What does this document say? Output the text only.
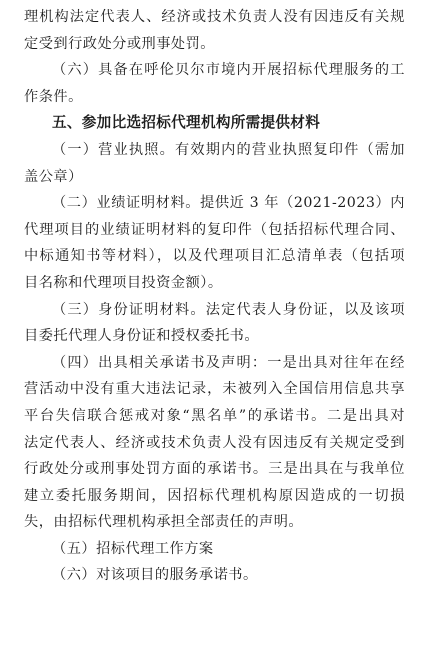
理机构法定代表人、经济或技术负责人没有因违反有关规
定受到行政处分或刑事处罚。
（六）具备在呼伦贝尔市境内开展招标代理服务的工
作条件。
五、参加比选招标代理机构所需提供材料
（一）营业执照。有效期内的营业执照复印件（需加
盖公章）
（二）业绩证明材料。提供近 3 年（2021-2023）内
代理项目的业绩证明材料的复印件（包括招标代理合同、
中标通知书等材料），以及代理项目汇总清单表（包括项
目名称和代理项目投资金额）。
（三）身份证明材料。法定代表人身份证，以及该项
目委托代理人身份证和授权委托书。
（四）出具相关承诺书及声明：一是出具对往年在经
营活动中没有重大违法记录，未被列入全国信用信息共享
平台失信联合惩戒对象“黑名单”的承诺书。二是出具对
法定代表人、经济或技术负责人没有因违反有关规定受到
行政处分或刑事处罚方面的承诺书。三是出具在与我单位
建立委托服务期间，因招标代理机构原因造成的一切损
失，由招标代理机构承担全部责任的声明。
（五）招标代理工作方案
（六）对该项目的服务承诺书。
